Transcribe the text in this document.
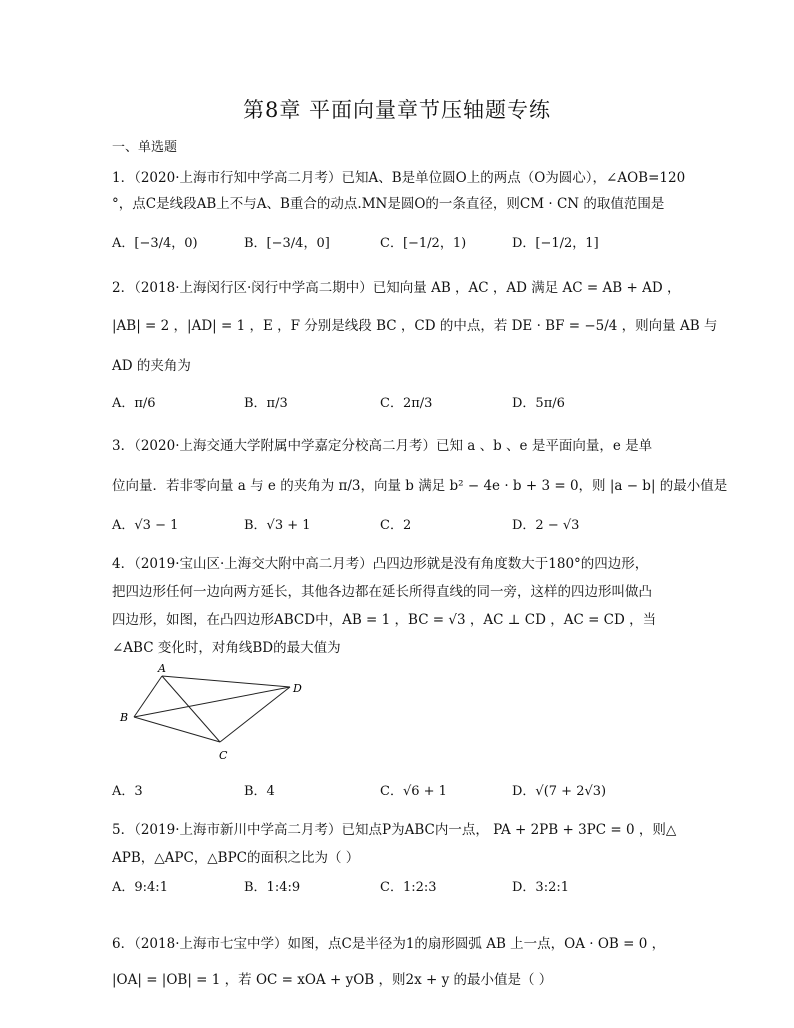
第8章 平面向量章节压轴题专练
一、单选题
1．（2020·上海市行知中学高二月考）已知A、B是单位圆O上的两点（O为圆心），∠AOB=120
°，点C是线段AB上不与A、B重合的动点.MN是圆O的一条直径，则CM · CN 的取值范围是
A．[−3/4，0)	B．[−3/4，0]	C．[−1/2，1)	D．[−1/2，1]
2．（2018·上海闵行区·闵行中学高二期中）已知向量 AB ，AC ，AD 满足 AC = AB + AD ，
|AB| = 2 ，|AD| = 1 ，E ，F 分别是线段 BC ，CD 的中点，若 DE · BF = −5/4 ，则向量 AB 与
AD 的夹角为
A．π/6	B．π/3	C．2π/3	D．5π/6
3．（2020·上海交通大学附属中学嘉定分校高二月考）已知 a 、b 、e 是平面向量，e 是单
位向量．若非零向量 a 与 e 的夹角为 π/3，向量 b 满足 b² − 4e · b + 3 = 0，则 |a − b| 的最小值是
A．√3 − 1	B．√3 + 1	C．2	D．2 − √3
4．（2019·宝山区·上海交大附中高二月考）凸四边形就是没有角度数大于180°的四边形，
把四边形任何一边向两方延长，其他各边都在延长所得直线的同一旁，这样的四边形叫做凸
四边形，如图，在凸四边形ABCD中，AB = 1 ，BC = √3 ，AC ⊥ CD ，AC = CD ，当
∠ABC 变化时，对角线BD的最大值为
A
B
C
D
A．3	B．4	C．√6 + 1	D．√(7 + 2√3)
5．（2019·上海市新川中学高二月考）已知点P为ABC内一点， PA + 2PB + 3PC = 0 ，则△
APB，△APC，△BPC的面积之比为（ ）
A．9:4:1	B．1:4:9	C．1:2:3	D．3:2:1
6．（2018·上海市七宝中学）如图，点C是半径为1的扇形圆弧 AB 上一点，OA · OB = 0 ，
|OA| = |OB| = 1 ，若 OC = xOA + yOB ，则2x + y 的最小值是（ ）
